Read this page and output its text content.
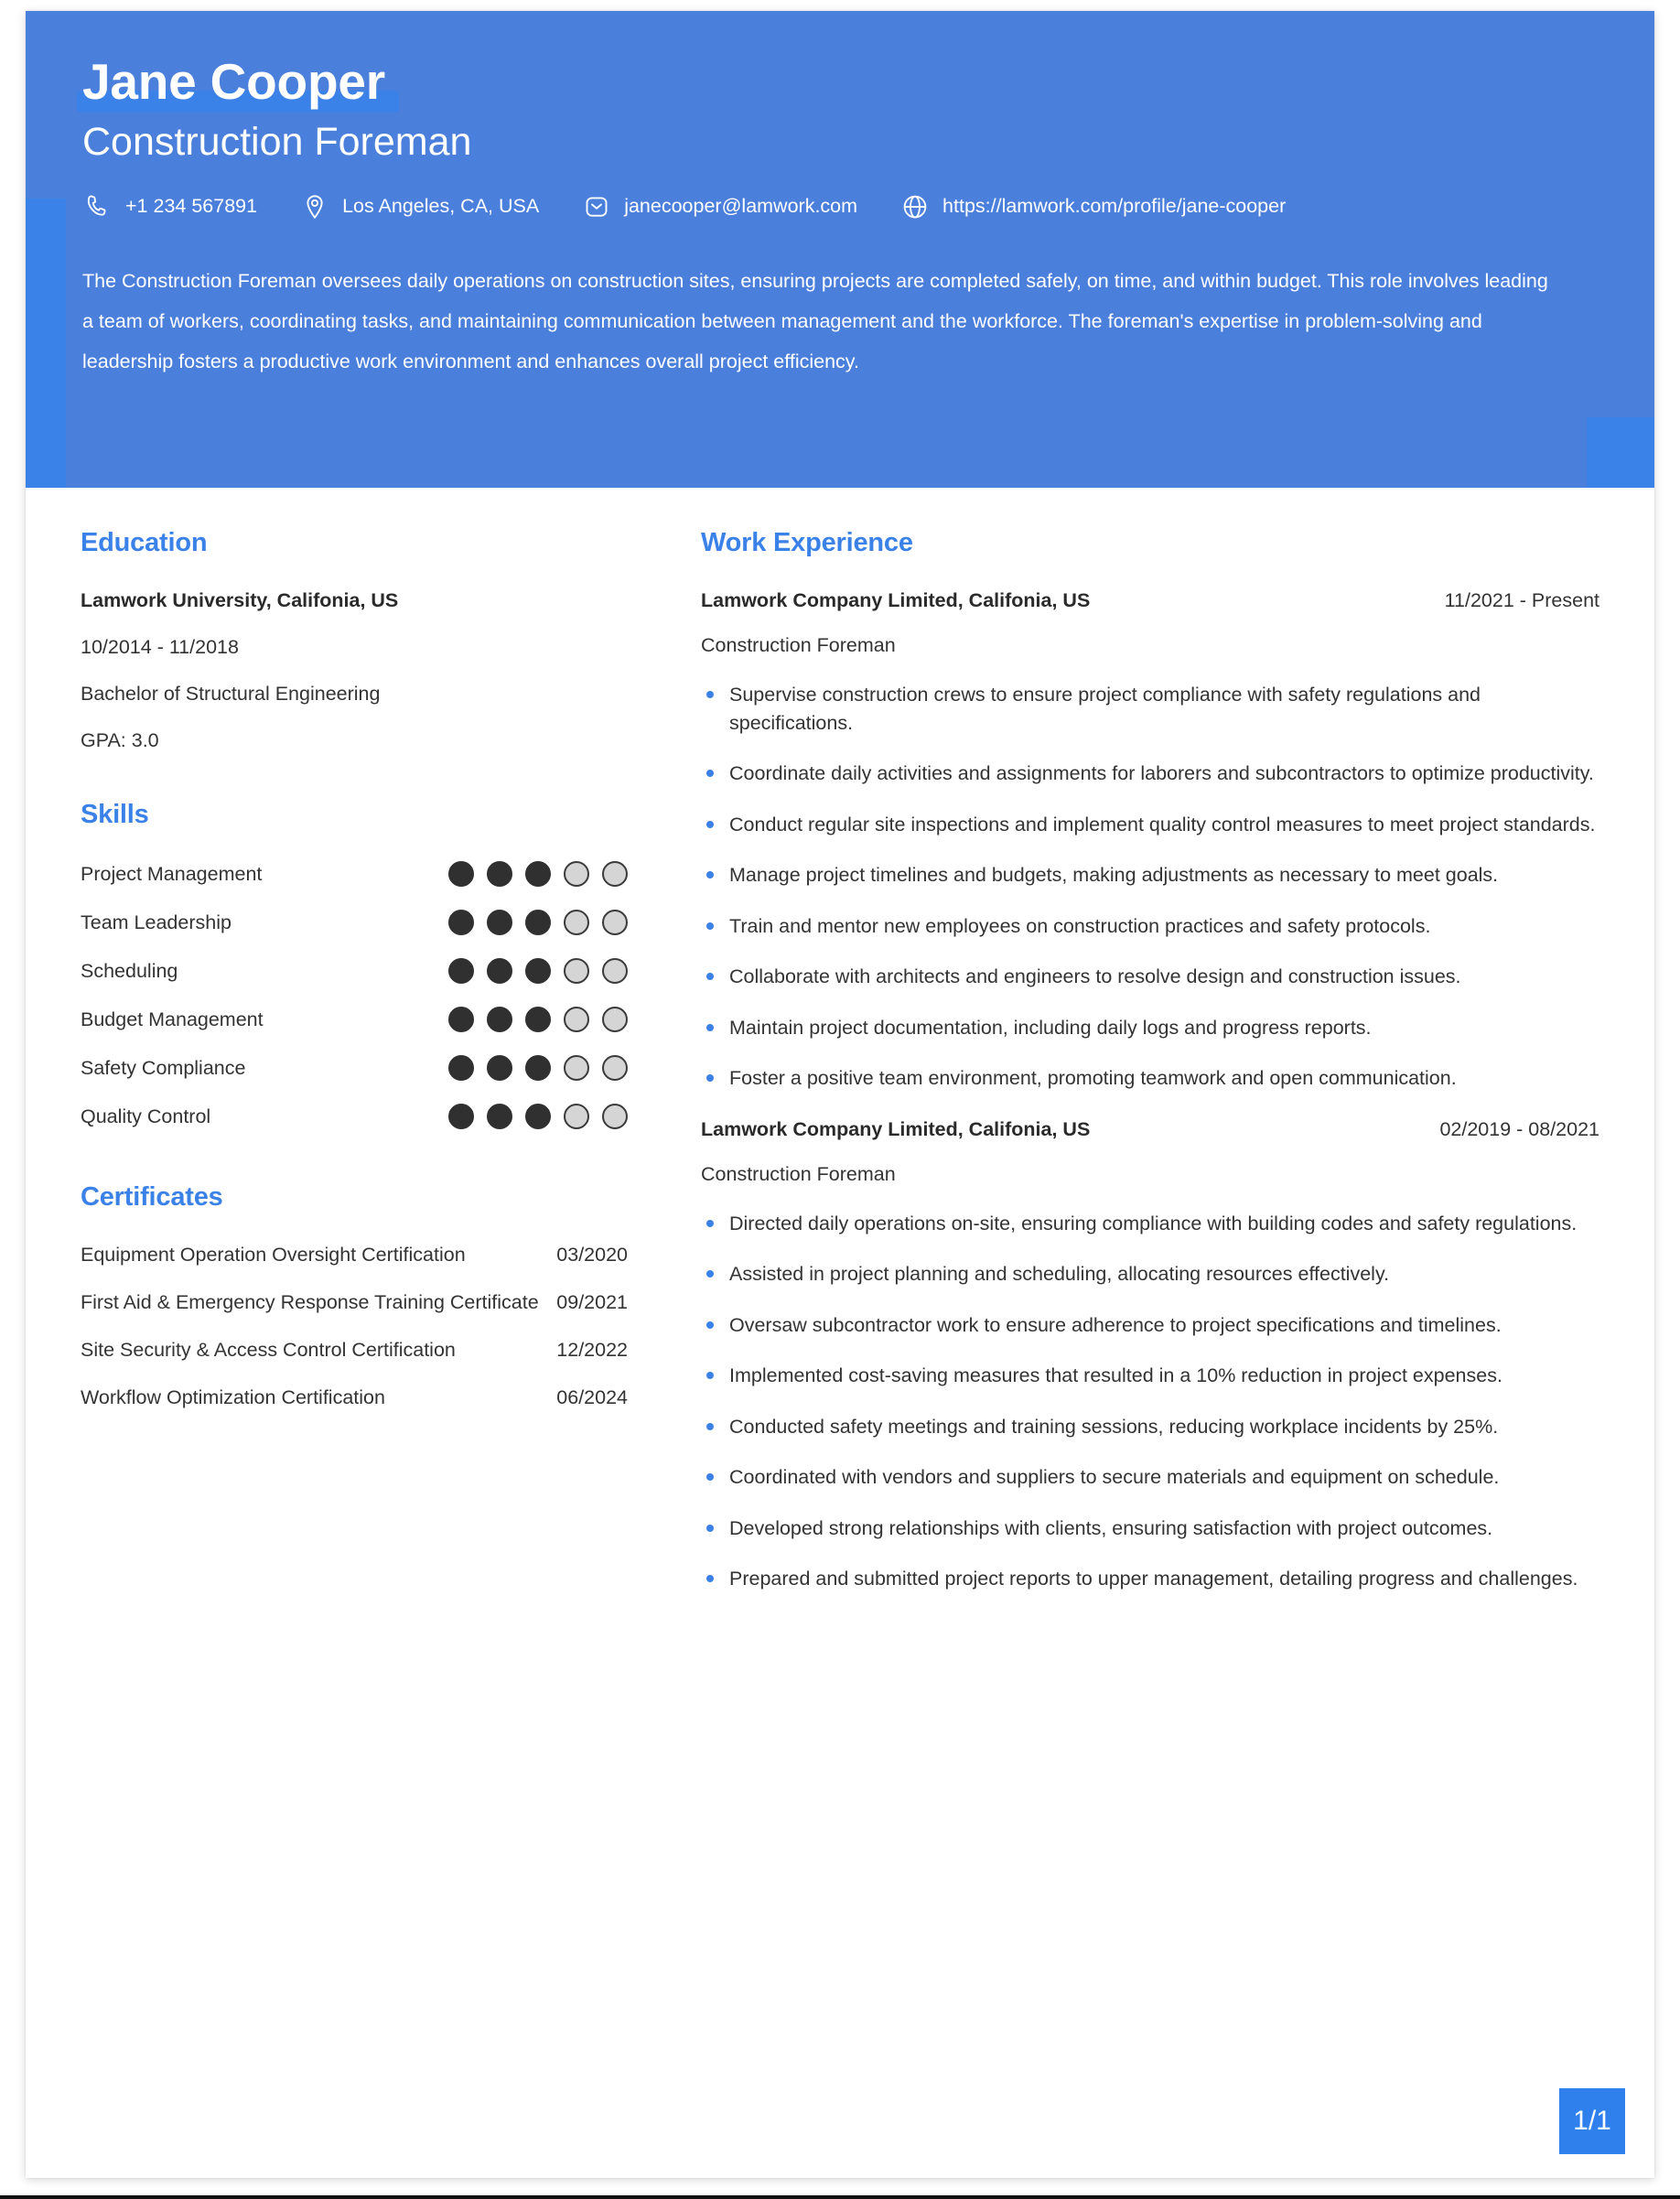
Jane Cooper
Construction Foreman
+1 234 567891	Los Angeles, CA, USA	janecooper@lamwork.com	https://lamwork.com/profile/jane-cooper
The Construction Foreman oversees daily operations on construction sites, ensuring projects are completed safely, on time, and within budget. This role involves leading a team of workers, coordinating tasks, and maintaining communication between management and the workforce. The foreman's expertise in problem-solving and leadership fosters a productive work environment and enhances overall project efficiency.
Education
Lamwork University, Califonia, US
10/2014 - 11/2018
Bachelor of Structural Engineering
GPA: 3.0
Skills
Project Management
Team Leadership
Scheduling
Budget Management
Safety Compliance
Quality Control
Certificates
Equipment Operation Oversight Certification	03/2020
First Aid & Emergency Response Training Certificate 09/2021
Site Security & Access Control Certification	12/2022
Workflow Optimization Certification	06/2024
Work Experience
Lamwork Company Limited, Califonia, US	11/2021 - Present
Construction Foreman
Supervise construction crews to ensure project compliance with safety regulations and specifications.
Coordinate daily activities and assignments for laborers and subcontractors to optimize productivity.
Conduct regular site inspections and implement quality control measures to meet project standards.
Manage project timelines and budgets, making adjustments as necessary to meet goals.
Train and mentor new employees on construction practices and safety protocols.
Collaborate with architects and engineers to resolve design and construction issues.
Maintain project documentation, including daily logs and progress reports.
Foster a positive team environment, promoting teamwork and open communication.
Lamwork Company Limited, Califonia, US	02/2019 - 08/2021
Construction Foreman
Directed daily operations on-site, ensuring compliance with building codes and safety regulations.
Assisted in project planning and scheduling, allocating resources effectively.
Oversaw subcontractor work to ensure adherence to project specifications and timelines.
Implemented cost-saving measures that resulted in a 10% reduction in project expenses.
Conducted safety meetings and training sessions, reducing workplace incidents by 25%.
Coordinated with vendors and suppliers to secure materials and equipment on schedule.
Developed strong relationships with clients, ensuring satisfaction with project outcomes.
Prepared and submitted project reports to upper management, detailing progress and challenges.
1/1
